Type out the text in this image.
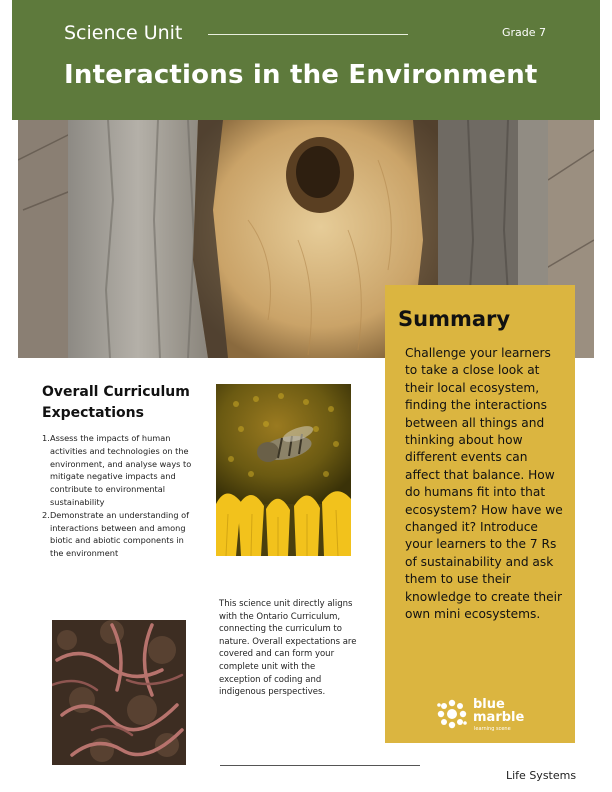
Science Unit	Grade 7
Interactions in the Environment
Overall Curriculum Expectations
1. Assess the impacts of human activities and technologies on the environment, and analyse ways to mitigate negative impacts and contribute to environmental sustainability
2. Demonstrate an understanding of interactions between and among biotic and abiotic components in the environment
This science unit directly aligns with the Ontario Curriculum, connecting the curriculum to nature. Overall expectations are covered and can form your complete unit with the exception of coding and indigenous perspectives.
Summary
Challenge your learners to take a close look at their local ecosystem, finding the interactions between all things and thinking about how different events can affect that balance. How do humans fit into that ecosystem? How have we changed it? Introduce your learners to the 7 Rs of sustainability and ask them to use their knowledge to create their own mini ecosystems.
blue
marble
learning scene
Life Systems
